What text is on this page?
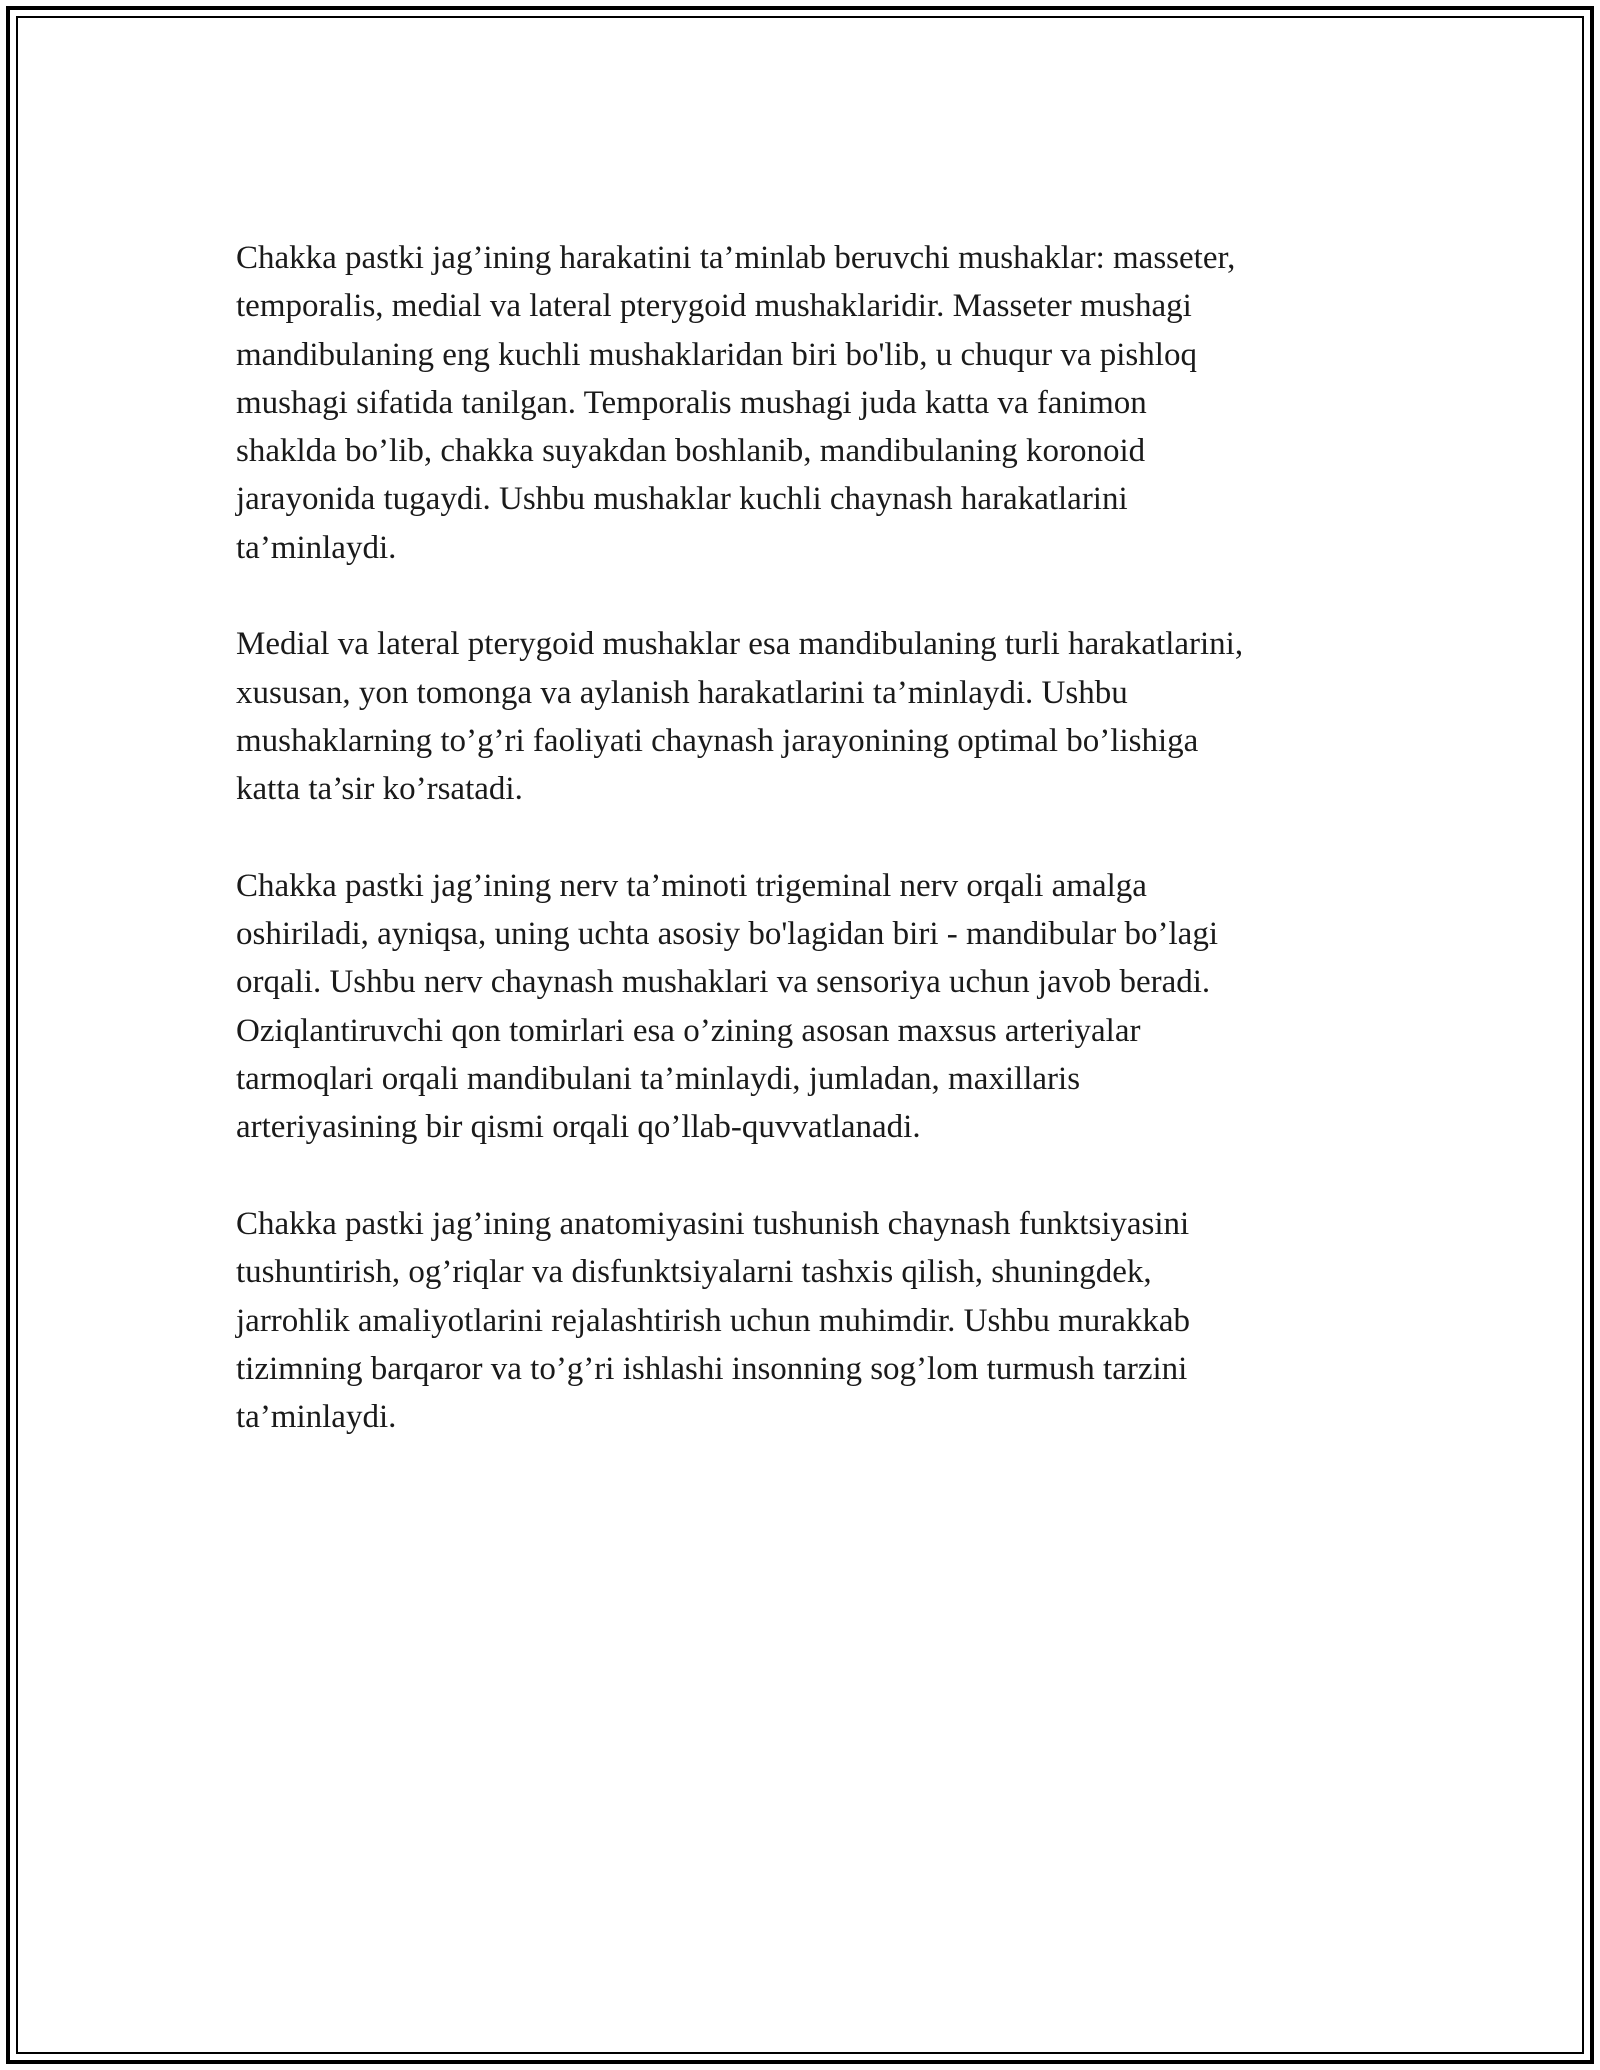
Chakka pastki jag’ining harakatini ta’minlab beruvchi mushaklar: masseter,
temporalis, medial va lateral pterygoid mushaklaridir. Masseter mushagi
mandibulaning eng kuchli mushaklaridan biri bo'lib, u chuqur va pishloq
mushagi sifatida tanilgan. Temporalis mushagi juda katta va fanimon
shaklda bo’lib, chakka suyakdan boshlanib, mandibulaning koronoid
jarayonida tugaydi. Ushbu mushaklar kuchli chaynash harakatlarini
ta’minlaydi.

Medial va lateral pterygoid mushaklar esa mandibulaning turli harakatlarini,
xususan, yon tomonga va aylanish harakatlarini ta’minlaydi. Ushbu
mushaklarning to’g’ri faoliyati chaynash jarayonining optimal bo’lishiga
katta ta’sir ko’rsatadi.

Chakka pastki jag’ining nerv ta’minoti trigeminal nerv orqali amalga
oshiriladi, ayniqsa, uning uchta asosiy bo'lagidan biri - mandibular bo’lagi
orqali. Ushbu nerv chaynash mushaklari va sensoriya uchun javob beradi.
Oziqlantiruvchi qon tomirlari esa o’zining asosan maxsus arteriyalar
tarmoqlari orqali mandibulani ta’minlaydi, jumladan, maxillaris
arteriyasining bir qismi orqali qo’llab-quvvatlanadi.

Chakka pastki jag’ining anatomiyasini tushunish chaynash funktsiyasini
tushuntirish, og’riqlar va disfunktsiyalarni tashxis qilish, shuningdek,
jarrohlik amaliyotlarini rejalashtirish uchun muhimdir. Ushbu murakkab
tizimning barqaror va to’g’ri ishlashi insonning sog’lom turmush tarzini
ta’minlaydi.
